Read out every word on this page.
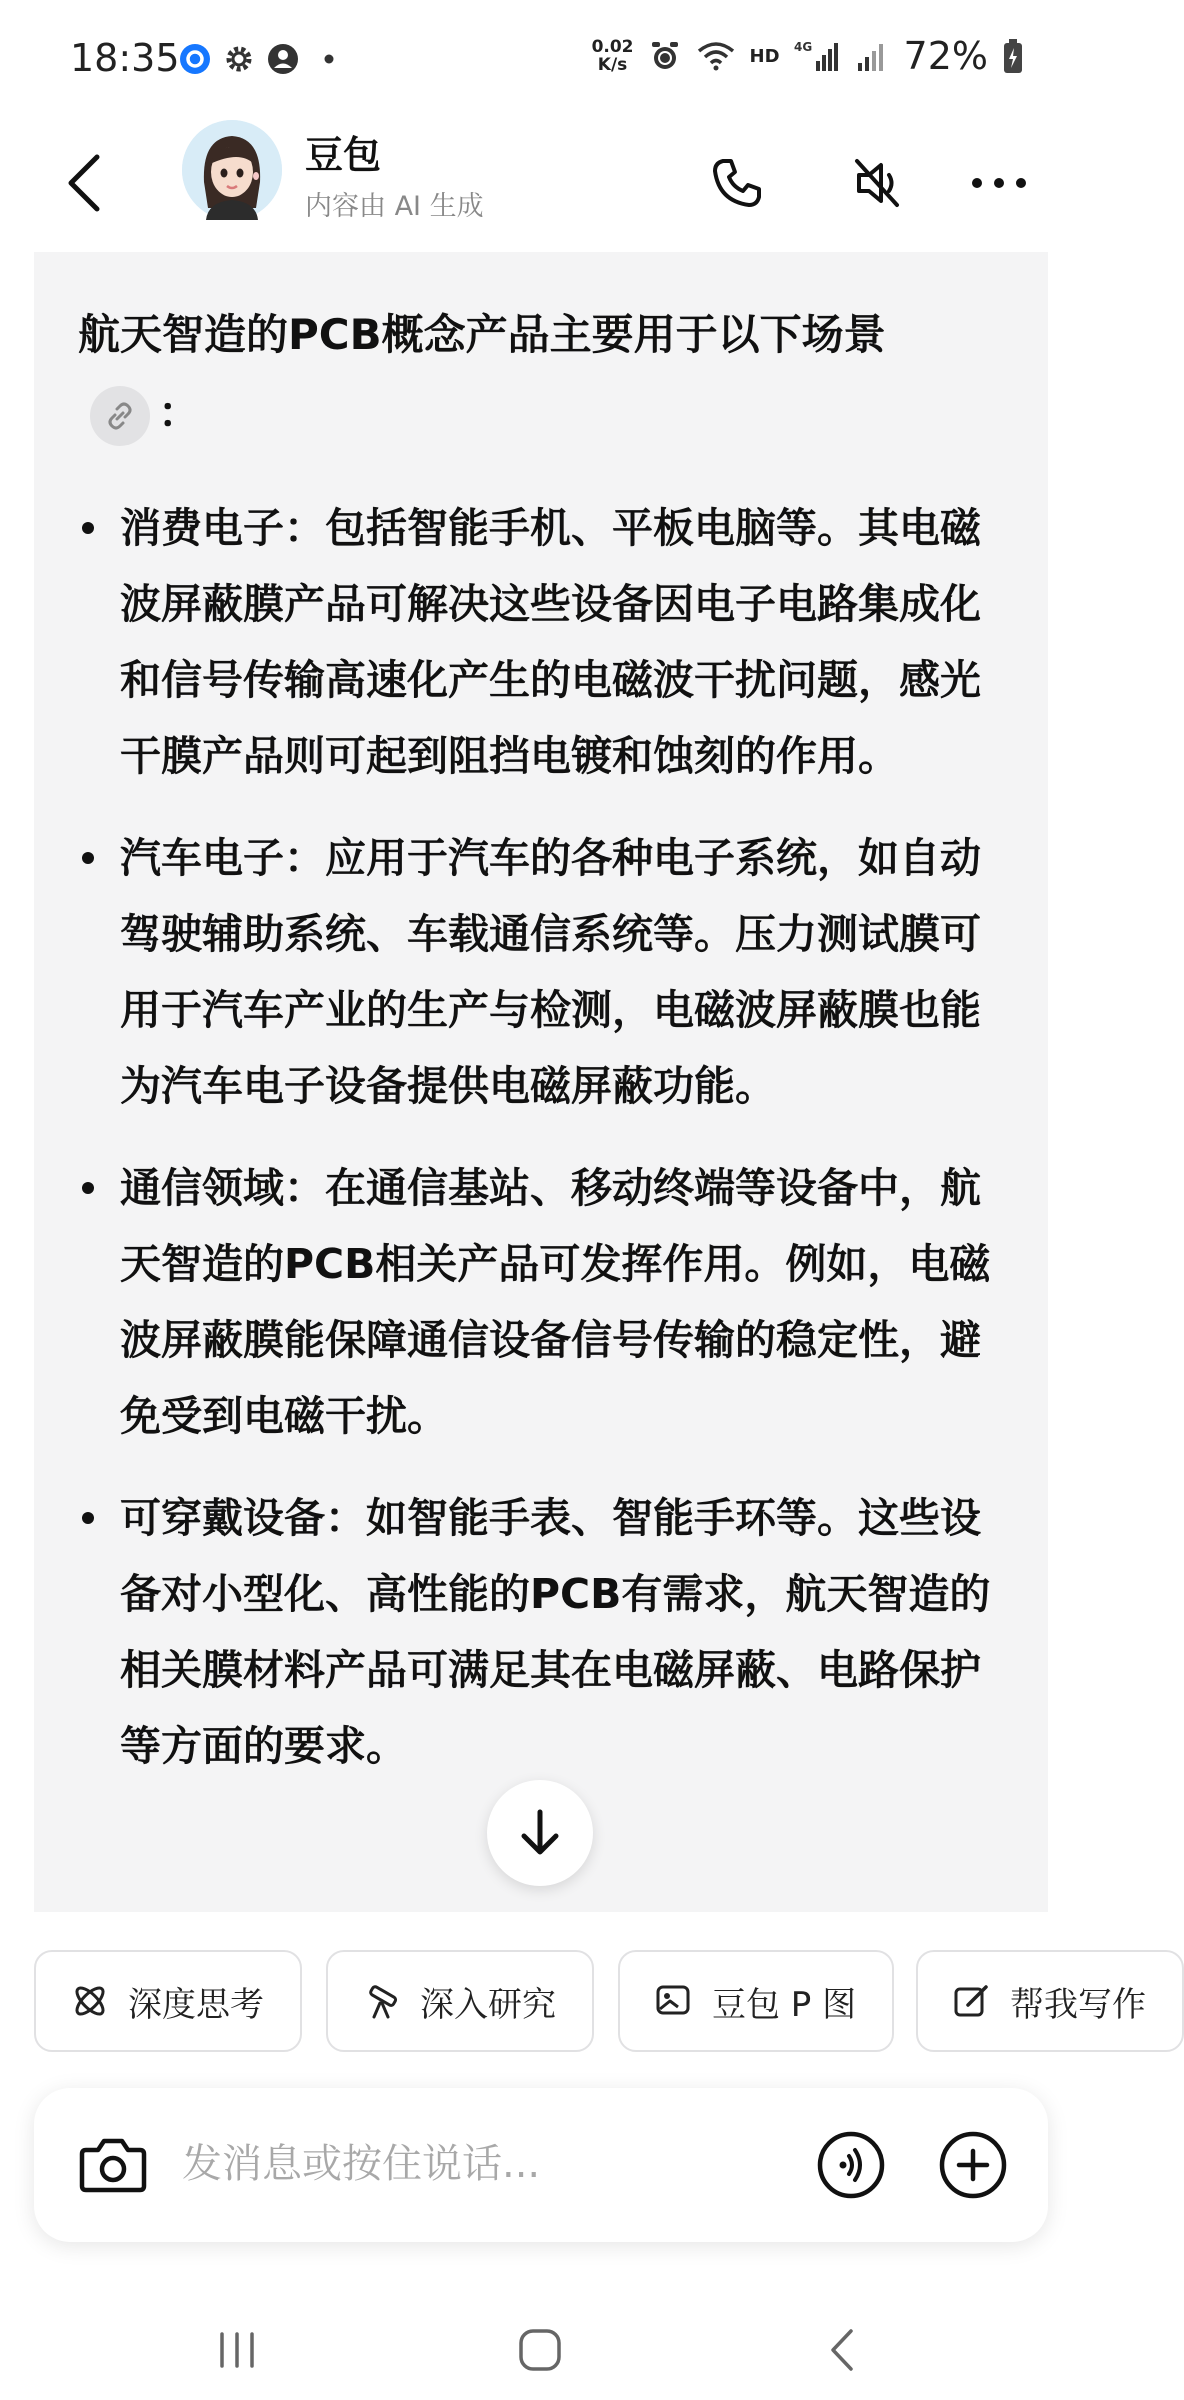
18:35	0.02
K/s	HD 4G 72%
豆包
内容由 AI 生成

航天智造的PCB概念产品主要用于以下场景

：

消费电子：包括智能手机、平板电脑等。其电磁波屏蔽膜产品可解决这些设备因电子电路集成化和信号传输高速化产生的电磁波干扰问题，感光干膜产品则可起到阻挡电镀和蚀刻的作用。
汽车电子：应用于汽车的各种电子系统，如自动驾驶辅助系统、车载通信系统等。压力测试膜可用于汽车产业的生产与检测，电磁波屏蔽膜也能为汽车电子设备提供电磁屏蔽功能。
通信领域：在通信基站、移动终端等设备中，航天智造的PCB相关产品可发挥作用。例如，电磁波屏蔽膜能保障通信设备信号传输的稳定性，避免受到电磁干扰。
可穿戴设备：如智能手表、智能手环等。这些设备对小型化、高性能的PCB有需求，航天智造的相关膜材料产品可满足其在电磁屏蔽、电路保护等方面的要求。
深度思考	深入研究	豆包 P 图	帮我写作
发消息或按住说话...
